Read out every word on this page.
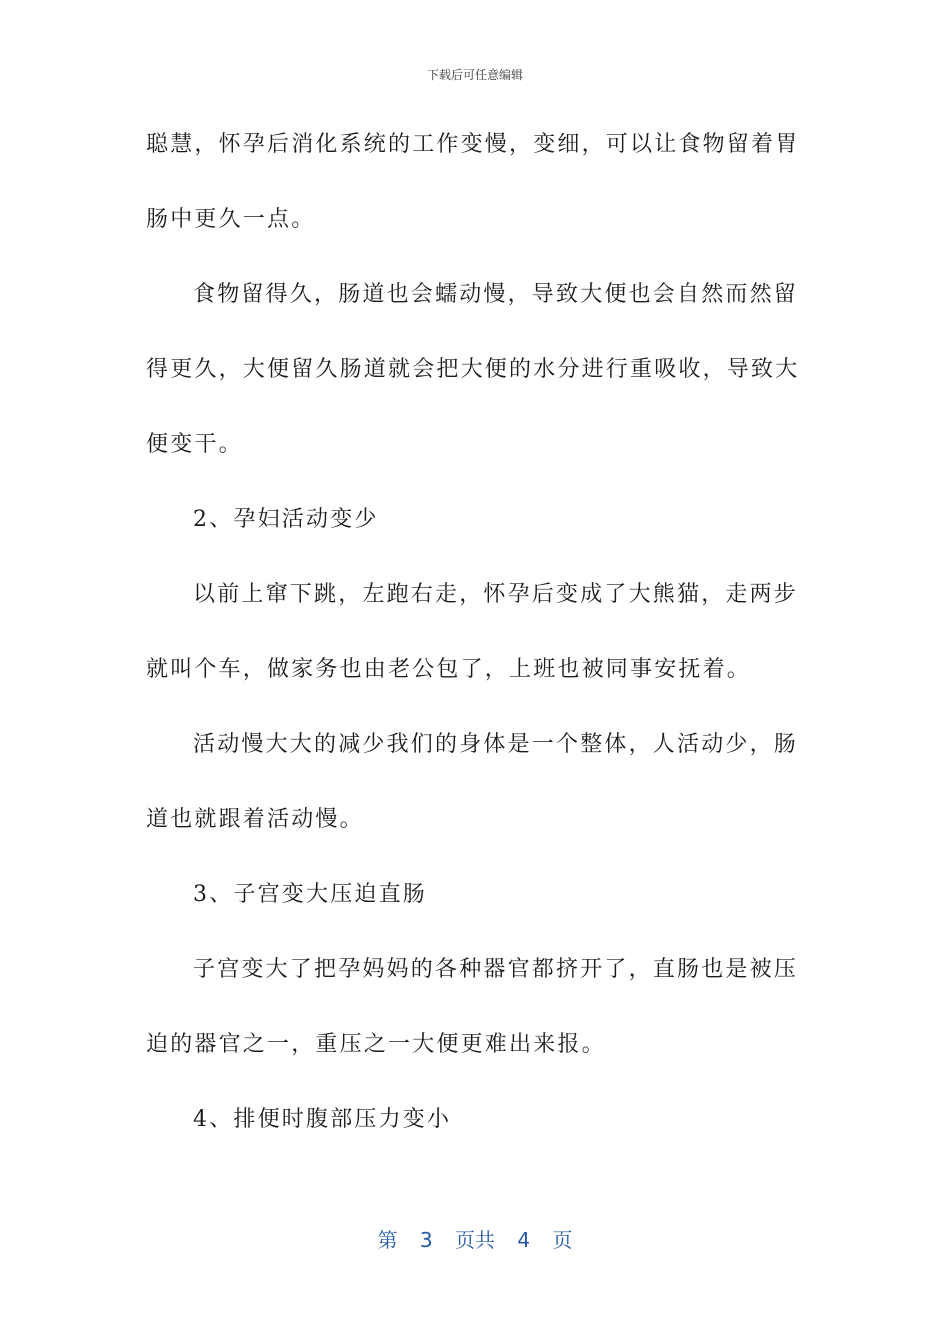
下载后可任意编辑
聪慧，怀孕后消化系统的工作变慢，变细，可以让食物留着胃
肠中更久一点。
食物留得久，肠道也会蠕动慢，导致大便也会自然而然留
得更久，大便留久肠道就会把大便的水分进行重吸收，导致大
便变干。
2、孕妇活动变少
以前上窜下跳，左跑右走，怀孕后变成了大熊猫，走两步
就叫个车，做家务也由老公包了，上班也被同事安抚着。
活动慢大大的减少我们的身体是一个整体，人活动少，肠
道也就跟着活动慢。
3、子宫变大压迫直肠
子宫变大了把孕妈妈的各种器官都挤开了，直肠也是被压
迫的器官之一，重压之一大便更难出来报。
4、排便时腹部压力变小
第 3 页共 4 页
